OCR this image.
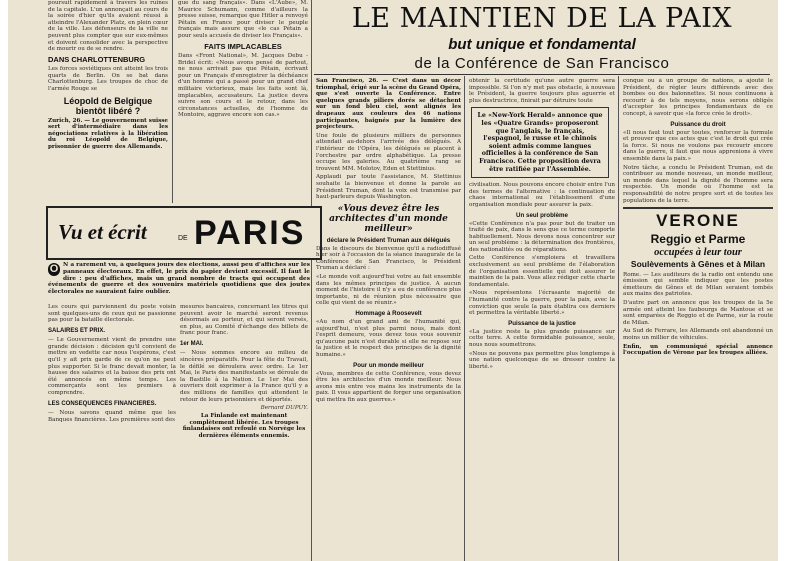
LE MAINTIEN DE LA PAIX
but unique et fondamental
de la Conférence de San Francisco

poursuit rapidement à travers les ruines de la capitale. L'un annonçait au cours de la soirée d'hier qu'ils avaient réussi à atteindre l'Alexander Platz, en plein cœur de la ville. Les défenseurs de la ville ne peuvent plus compter que sur eux-mêmes et doivent consolider avec la perspective de mourir ou de se rendre.

DANS CHARLOTTENBURG

Les forces soviétiques ont atteint les trois quarts de Berlin. On se bat dans Charlottenburg. Les troupes de choc de l'armée Rouge se

Léopold de Belgique bientôt libéré ?

Zurich, 26. — Le gouvernement suisse sert d'intermédiaire dans les négociations relatives à la libération du roi Léopold de Belgique, prisonnier de guerre des Allemands.

gue du sang français». Dans «L'Aube», M. Maurice Schumann, comme d'ailleurs la presse suisse, remarque que Hitler a renvoyé Pétain en France pour diviser le peuple français mais assure que «le cas Pétain a pour seuls accusés de diviser les Français».

FAITS IMPLACABLES

Dans «Front National», M. Jacques Debu - Bridel écrit: «Nous avons pensé de partout, ne nous arrivait pas que Pétain, écrivant pour un Français d'enregistrer la déchéance d'un homme qui a passé pour un grand chef militaire victorieux, mais les faits sont là, implacables, accusateurs. La justice devra suivre son cours et le retour, dans les circonstances actuelles, de l'homme de Montoire, aggrave encore son cas.»

Vu et écrit	DE PARIS

O N a rarement vu, à quelques jours des élections, aussi peu d'affiches sur les panneaux électoraux. En effet, le prix du papier devient excessif. Il faut le dire : peu d'affiches, mais un grand nombre de tracts qui occupent des événements de guerre et des souvenirs matériels quotidiens que des joutes électorales ne sauraient faire oublier.

Les cours qui parviennent du poste voisin sont quelques-uns de ceux qui ne passionne pas pour la bataille électorale.

SALAIRES ET PRIX.

— Le Gouvernement vient de prendre une grande décision : décision qu'il convient de mettre en vedette car nous l'espérons, c'est qu'il y ait prix garde de ce qu'on ne peut plus supporter. Si le franc devait monter, la hausse des salaires et la baisse des prix ont été annoncés en même temps. Les commerçants sont les premiers à comprendre.

LES CONSEQUENCES FINANCIERES.

— Nous savons quand même que les Banques financières. Les premières sont des

mesures bancaires, concernant les titres qui peuvent avoir le marché seront revenus désormais au porteur, et qui seront versés, en plus, au Comité d'échange des billets de franc pour franc.

1er MAI.

— Nous sommes encore au milieu de sincères préparatifs. Pour la fête du Travail, le défilé se déroulera avec ordre. Le 1er Mai, le Paris des manifestants se déroule de la Bastille à la Nation. Le 1er Mai des ouvriers doit exprimer à la France qu'il y a des millions de familles qui attendent le retour de leurs prisonniers et déportés.

Bernard DUPUY.

La Finlande est maintenant complètement libérée. Les troupes finlandaises ont refoulé en Norvège les dernières éléments ennemis.

San Francisco, 26. — C'est dans un décor triomphal, érigé sur la scène du Grand Opéra, que s'est ouverte la Conférence. Entre quelques grands piliers dorés se détachent sur un fond bleu ciel, sont alignés les drapeaux aux couleurs des 46 nations participantes, baignés par la lumière des projecteurs.

Une foule de plusieurs milliers de personnes attendait au-dehors l'arrivée des délégués. A l'intérieur de l'Opéra, les délégués se placent à l'orchestre par ordre alphabétique. La presse occupe les galeries. Au quatrième rang se trouvent MM. Molotov, Eden et Stettinius.

Applaudi par toute l'assistance, M. Stettinius souhaite la bienvenue et donne la parole au Président Truman, dont la voix est transmise par haut-parleurs depuis Washington.

«Vous devez être les architectes d'un monde meilleur»
déclare le Président Truman aux délégués

Dans le discours de bienvenue qu'il a radiodiffusé hier soir à l'occasion de la séance inaugurale de la Conférence de San Francisco, le Président Truman a déclaré :

«Le monde voit aujourd'hui votre au fait ensemble dans les mêmes principes de justice. A aucun moment de l'histoire il n'y a eu de conférence plus importante, ni de réunion plus nécessaire que celle qui vient de se réunir.»

Hommage à Roosevelt

«Au nom d'un grand ami de l'humanité qui, aujourd'hui, n'est plus parmi nous, mais dont l'esprit demeure, vous devez tous vous souvenir qu'aucune paix n'est durable si elle ne repose sur la justice et le respect des principes de la dignité humaine.»

Pour un monde meilleur

«Vous, membres de cette Conférence, vous devez être les architectes d'un monde meilleur. Nous avons mis entre vos mains les instruments de la paix. Il vous appartient de forger une organisation qui mettra fin aux guerres.»

obtenir la certitude qu'une autre guerre sera impossible. Si l'on n'y met pas obstacle, à nouveau le Président, la guerre toujours plus aguerrie et plus destructrice, finirait par détruire toute

Le «New-York Herald» annonce que les «Quatre Grands» proposeront que l'anglais, le français, l'espagnol, le russe et le chinois soient admis comme langues officielles à la conférence de San Francisco. Cette proposition devra être ratifiée par l'Assemblée.

civilisation. Nous pouvons encore choisir entre l'un des termes de l'alternative : la continuation du chaos international ou l'établissement d'une organisation mondiale pour assurer la paix.

Un seul problème

«Cette Conférence n'a pas pour but de traiter un traité de paix, dans le sens que ce terme comporte habituellement. Nous devons nous concentrer sur un seul problème : la détermination des frontières, des nationalités ou de réparations.

Cette Conférence s'emploiera et travaillera exclusivement au seul problème de l'élaboration de l'organisation essentielle qui doit assurer le maintien de la paix. Vous allez rédiger cette charte fondamentale.

«Nous représentons l'écrasante majorité de l'humanité contre la guerre, pour la paix, avec la conviction que seule la paix établira ces derniers et permettra la véritable liberté.»

Puissance de la justice

«La justice reste la plus grande puissance sur cette terre. A cette formidable puissance, seule, nous nous soumettrons.

«Nous ne pouvons pas permettre plus longtemps à une nation quelconque de se dresser contre la liberté.»

conque ou à un groupe de nations, a ajouté le Président, de régler leurs différends avec des bombes ou des baïonnettes. Si nous continuons à recourir à de tels moyens, nous serons obligés d'accepter les principes fondamentaux de ce concept, à savoir que «la force crée le droit».

Puissance du droit

«Il nous faut tout pour toutes, renforcer la formule et prouver que ces actes que c'est le droit qui crée la force. Si nous ne voulons pas recourir encore dans la guerre, il faut que nous apprenions à vivre ensemble dans la paix.»

Notre tâche, a conclu le Président Truman, est de contribuer au monde nouveau, un monde meilleur, un monde dans lequel la dignité de l'homme sera respectée. Un monde où l'homme est la responsabilité de notre propre sort et de toutes les populations de la terre.

VERONE
Reggio et Parme
occupées à leur tour
Soulèvements à Gênes et à Milan

Rome. — Les auditeurs de la radio ont entendu une émission qui semble indiquer que les postes émetteurs de Gênes et de Milan seraient tombés aux mains des patriotes.

D'autre part on annonce que les troupes de la 5e armée ont atteint les faubourgs de Mantoue et se sont emparées de Reggio et de Parme, sur la route de Milan.

Au Sud de Ferrare, les Allemands ont abandonné un moins un millier de véhicules.

Enfin, un communiqué spécial annonce l'occupation de Vérone par les troupes alliées.
